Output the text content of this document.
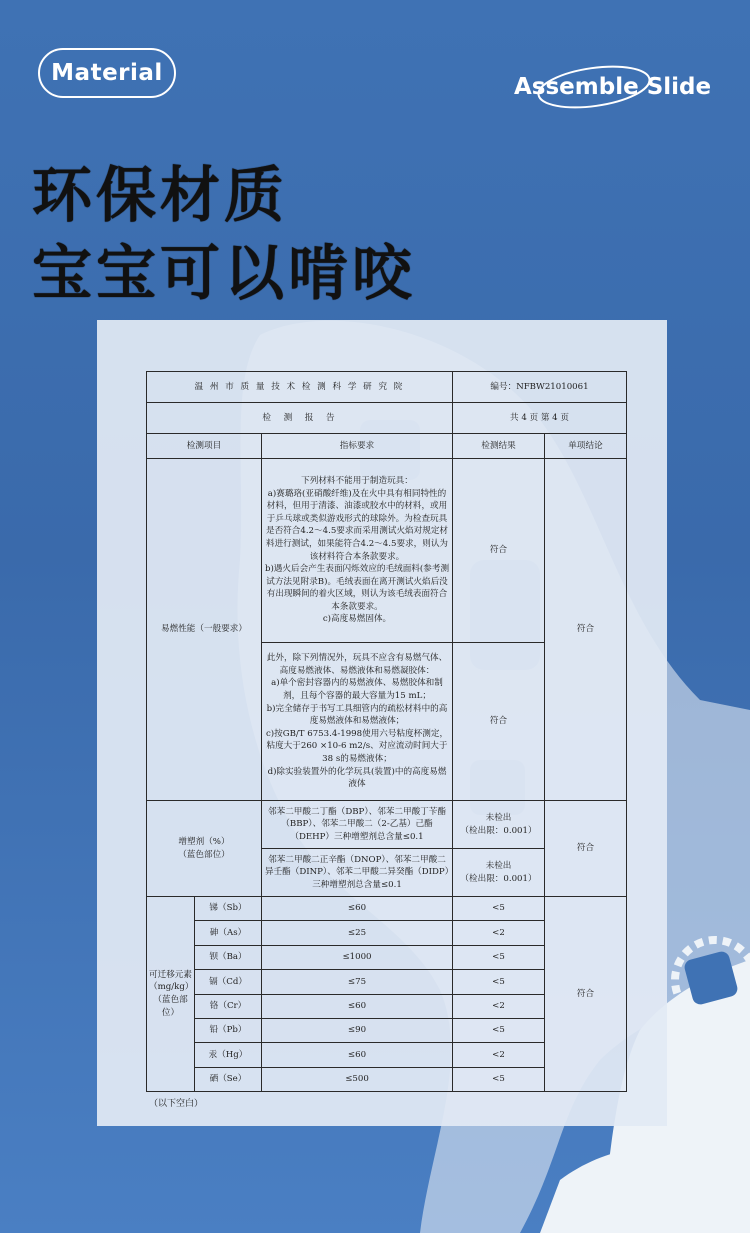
Material
Assemble Slide
环保材质
宝宝可以啃咬
温 州 市 质 量 技 术 检 测 科 学 研 究 院			编号：NFBW21010061	
检　测　报　告			共 4 页 第 4 页	
检测项目		指标要求	检测结果	单项结论
易燃性能（一般要求）		下列材料不能用于制造玩具：
a)赛璐珞(亚硝酸纤维)及在火中具有相同特性的材料，但用于清漆、油漆或胶水中的材料，或用
于乒乓球或类似游戏形式的球除外。为检查玩具是否符合4.2～4.5要求而采用测试火焰对规定材料进行测试，如果能符合4.2～4.5要求，则认为该材料符合本条款要求。
b)遇火后会产生表面闪烁效应的毛绒面料(参考测试方法见附录B)。毛绒表面在离开测试火焰后没有出现瞬间的着火区域，则认为该毛绒表面符合本条款要求。
c)高度易燃固体。	符合	符合
		此外，除下列情况外，玩具不应含有易燃气体、高度易燃液体、易燃液体和易燃凝胶体：
a)单个密封容器内的易燃液体、易燃胶体和制剂，且每个容器的最大容量为15 mL；
b)完全储存于书写工具细管内的疏松材料中的高度易燃液体和易燃液体；
c)按GB/T 6753.4-1998使用六号粘度杯测定，粘度大于260 ×10-6 m2/s、对应流动时间大于38 s的易燃液体；
d)除实验装置外的化学玩具(装置)中的高度易燃液体	符合	
增塑剂（%）
（蓝色部位）		邻苯二甲酸二丁酯（DBP）、邻苯二甲酸丁苄酯（BBP）、邻苯二甲酸二（2-乙基）己酯（DEHP）三种增塑剂总含量≤0.1	未检出
（检出限：0.001）	符合
		邻苯二甲酸二正辛酯（DNOP）、邻苯二甲酸二异壬酯（DINP）、邻苯二甲酸二异癸酯（DIDP）三种增塑剂总含量≤0.1	未检出
（检出限：0.001）	
可迁移元素
（mg/kg）
（蓝色部位）	锑（Sb）	≤60	<5	符合
	砷（As）	≤25	<2	
	钡（Ba）	≤1000	<5	
	镉（Cd）	≤75	<5	
	铬（Cr）	≤60	<2	
	铅（Pb）	≤90	<5	
	汞（Hg）	≤60	<2	
	硒（Se）	≤500	<5	
（以下空白）
